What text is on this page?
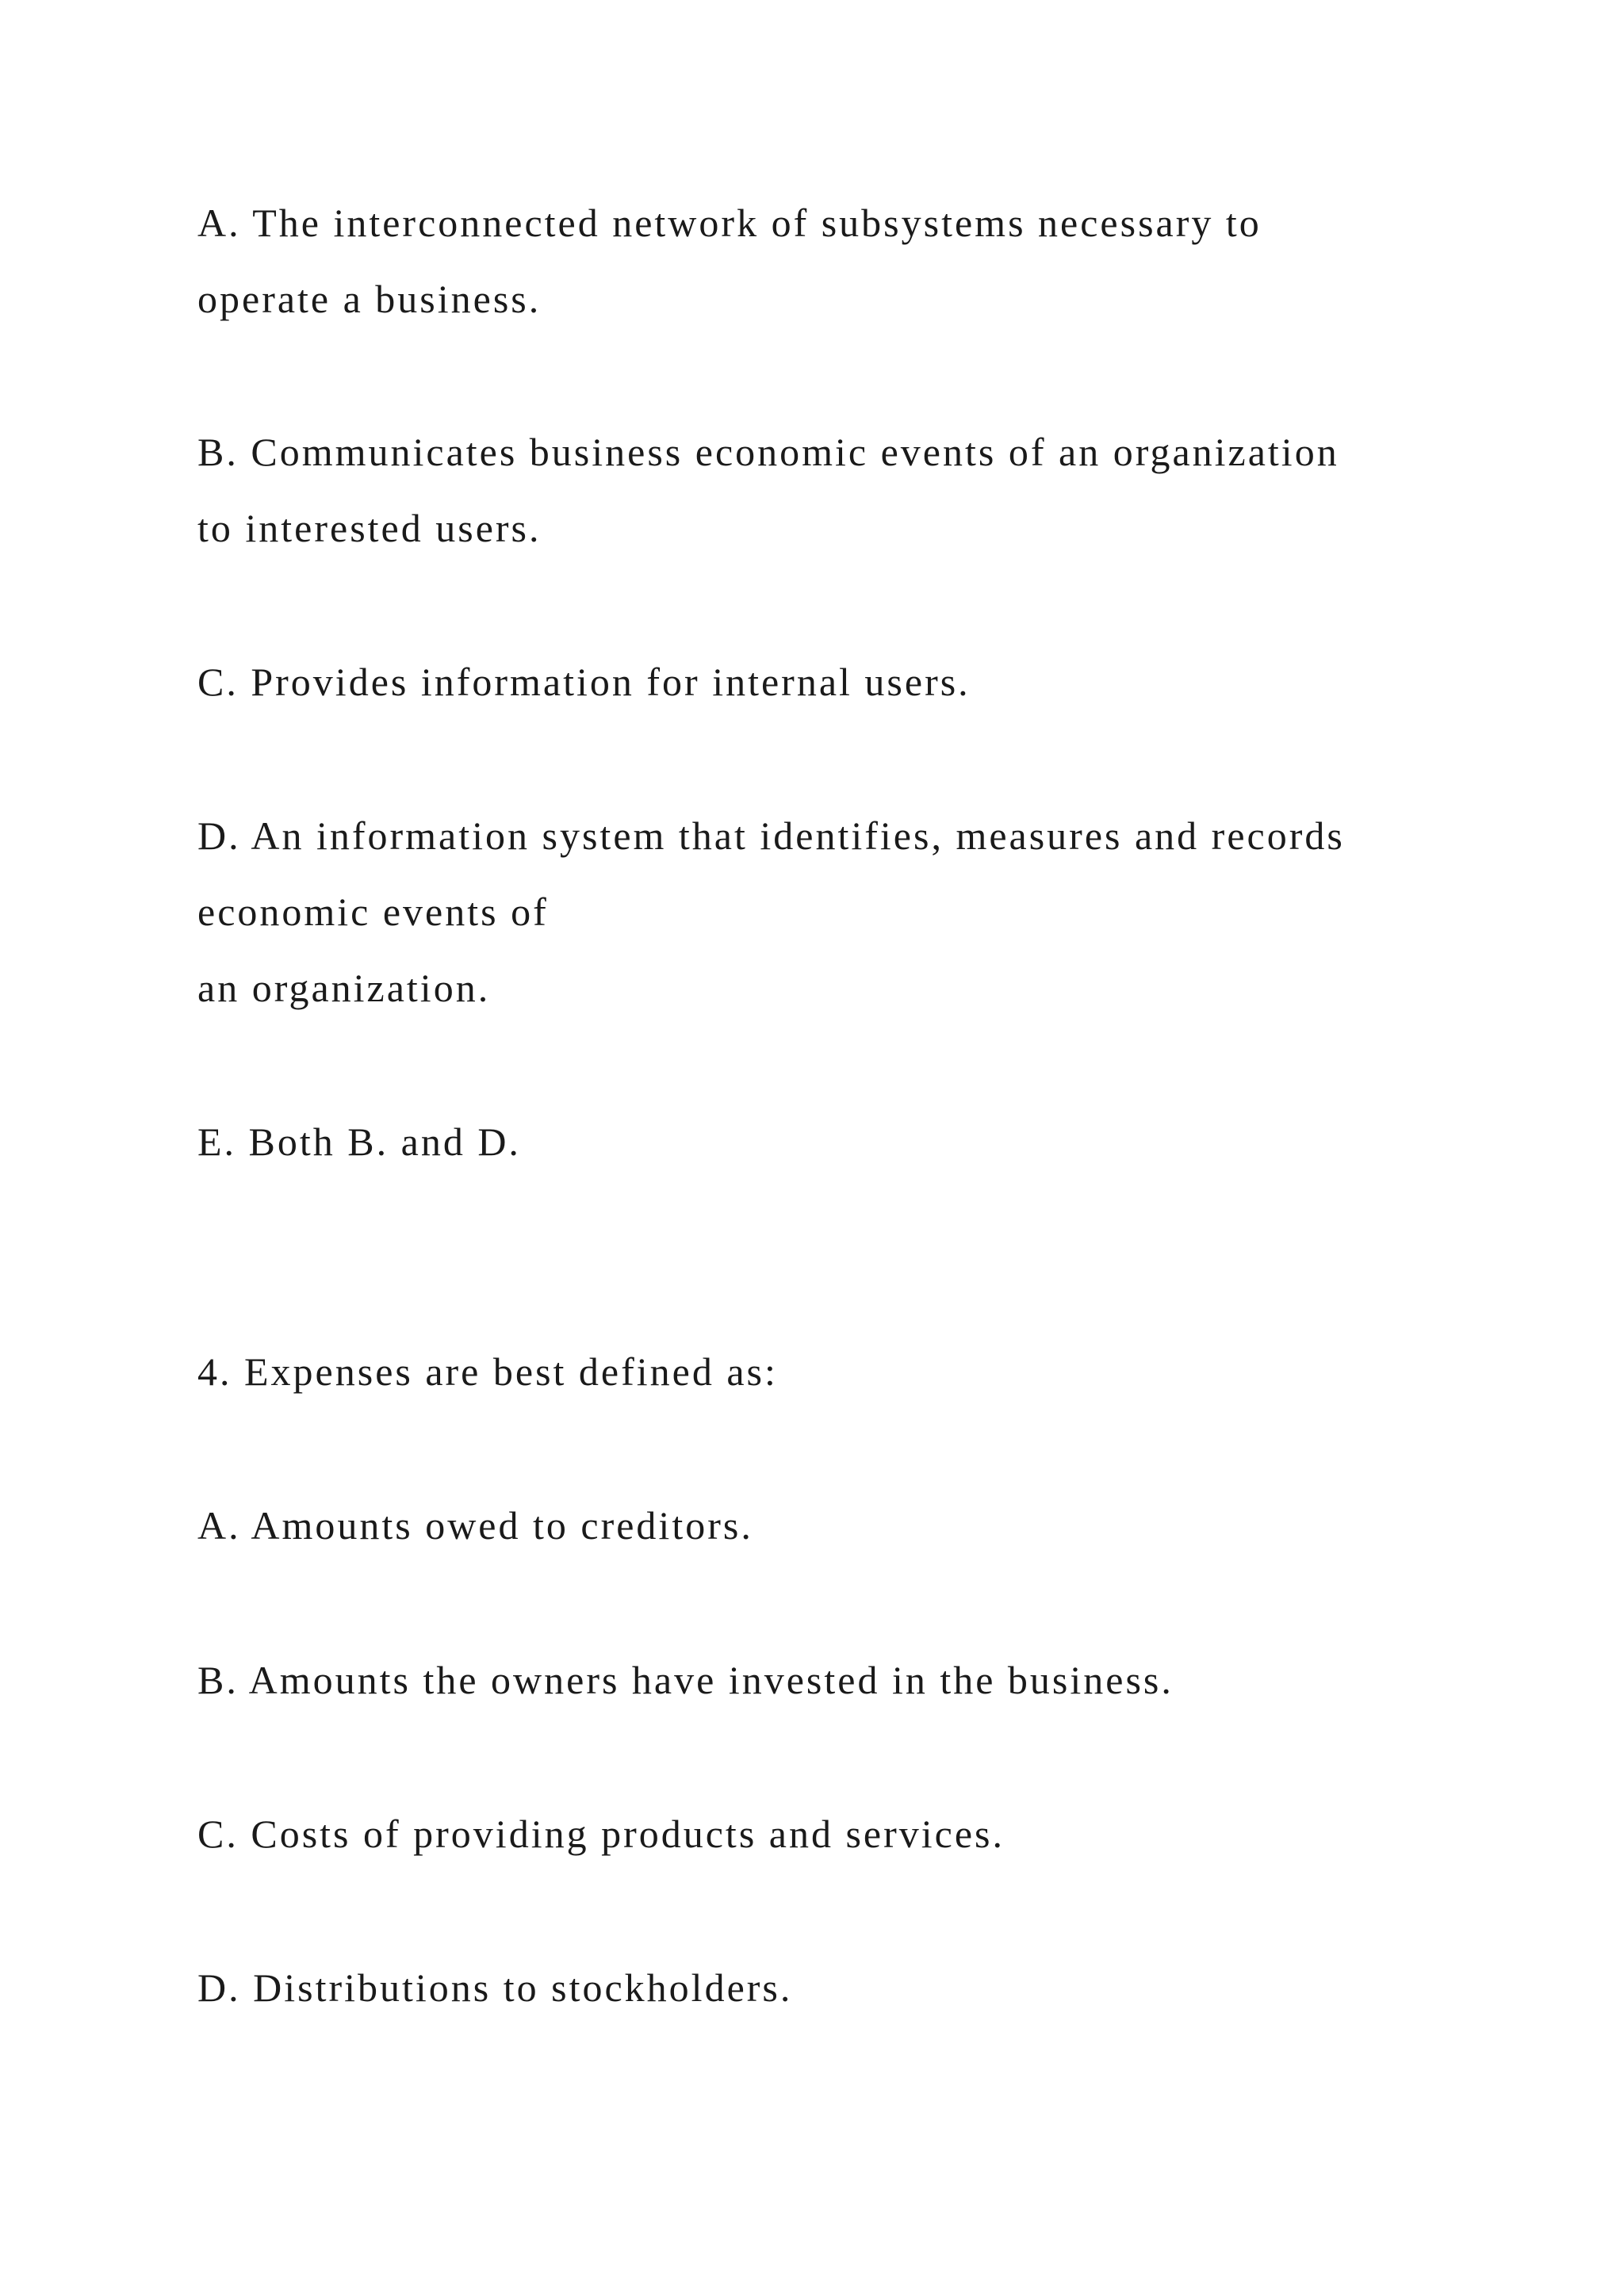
A. The interconnected network of subsystems necessary to

operate a business.

B. Communicates business economic events of an organization

to interested users.

C. Provides information for internal users.

D. An information system that identifies, measures and records

economic events of

an organization.

E. Both B. and D.

4. Expenses are best defined as:

A. Amounts owed to creditors.

B. Amounts the owners have invested in the business.

C. Costs of providing products and services.

D. Distributions to stockholders.
